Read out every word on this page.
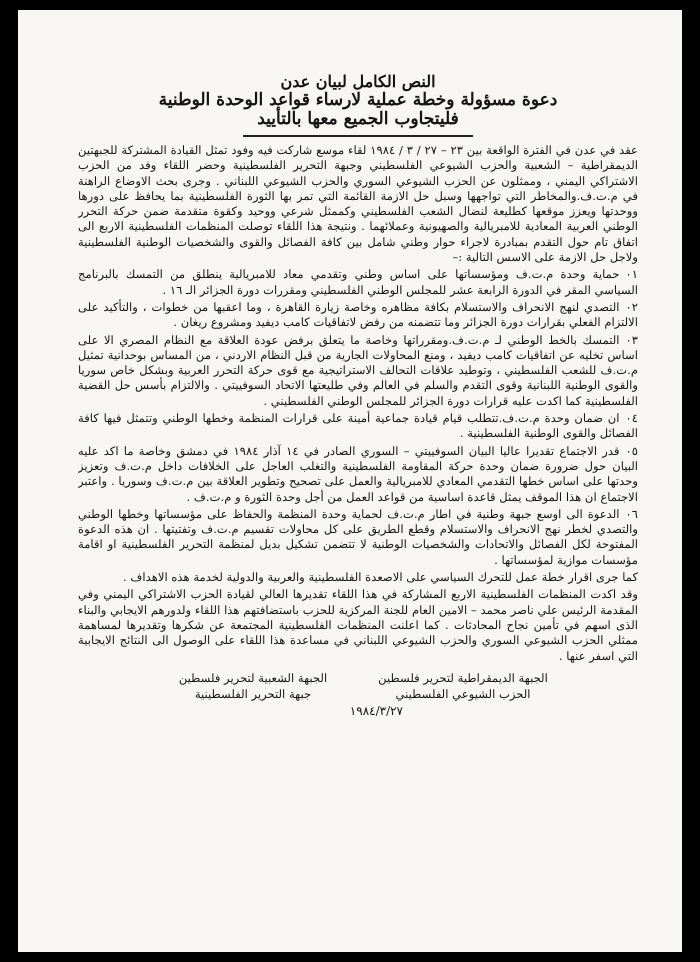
النص الكامل لبيان عدن
دعوة مسؤولة وخطة عملية لارساء قواعد الوحدة الوطنية
فليتجاوب الجميع معها بالتأييد

عقد في عدن في الفترة الواقعة بين ٢٣ – ٢٧ / ٣ / ١٩٨٤ لقاء موسع شاركت فيه وفود تمثل القيادة المشتركة للجبهتين الديمقراطية – الشعبية والحزب الشيوعي الفلسطيني وجبهة التحرير الفلسطينية وحضر اللقاء وفد من الحزب الاشتراكي اليمني ، وممثلون عن الحزب الشيوعي السوري والحزب الشيوعي اللبناني . وجرى بحث الاوضاع الراهنة في م.ت.ف.والمخاطر التي تواجهها وسبل حل الازمة القائمة التي تمر بها الثورة الفلسطينية بما يحافظ على دورها ووحدتها ويعزز موقعها كطليعة لنضال الشعب الفلسطيني وكممثل شرعي ووحيد وكقوة متقدمة ضمن حركة التحرر الوطني العربية المعادية للامبريالية والصهيونية وعملائهما . ونتيجة هذا اللقاء توصلت المنظمات الفلسطينية الاربع الى اتفاق تام حول التقدم بمبادرة لاجراء حوار وطني شامل بين كافة الفصائل والقوى والشخصيات الوطنية الفلسطينية ولاجل حل الازمة على الاسس التالية :–

٠١حماية وحدة م.ت.ف ومؤسساتها على اساس وطني وتقدمي معاد للامبريالية ينطلق من التمسك بالبرنامج السياسي المقر في الدورة الرابعة عشر للمجلس الوطني الفلسطيني ومقررات دورة الجزائر الـ ١٦ .
٠٢التصدي لنهج الانحراف والاستسلام بكافة مظاهره وخاصة زيارة القاهرة ، وما اعقبها من خطوات ، والتأكيد على الالتزام الفعلي بقرارات دورة الجزائر وما تتضمنه من رفض لاتفاقيات كامب ديفيد ومشروع ريغان .
٠٣التمسك بالخط الوطني لـ م.ت.ف.ومقرراتها وخاصة ما يتعلق برفض عودة العلاقة مع النظام المصري الا على اساس تخليه عن اتفاقيات كامب ديفيد ، ومنع المحاولات الجارية من قبل النظام الاردني ، من المساس بوحدانية تمثيل م.ت.ف للشعب الفلسطيني ، وتوطيد علاقات التحالف الاستراتيجية مع قوى حركة التحرر العربية وبشكل خاص سوريا والقوى الوطنية اللبنانية وقوى التقدم والسلم في العالم وفي طليعتها الاتحاد السوفييتي . والالتزام بأسس حل القضية الفلسطينية كما اكدت عليه قرارات دورة الجزائر للمجلس الوطني الفلسطيني .
٠٤ان ضمان وحدة م.ت.ف.تتطلب قيام قيادة جماعية أمينة على قرارات المنظمة وخطها الوطني وتتمثل فيها كافة الفصائل والقوى الوطنية الفلسطينية .
٠٥قدر الاجتماع تقديرا عاليا البيان السوفييتي – السوري الصادر في ١٤ آذار ١٩٨٤ في دمشق وخاصة ما اكد عليه البيان حول ضرورة ضمان وحدة حركة المقاومة الفلسطينية والتغلب العاجل على الخلافات داخل م.ت.ف وتعزيز وحدتها على اساس خطها التقدمي المعادي للامبريالية والعمل على تصحيح وتطوير العلاقة بين م.ت.ف وسوريا . واعتبر الاجتماع ان هذا الموقف يمثل قاعدة اساسية من قواعد العمل من أجل وحدة الثورة و م.ت.ف .
٠٦الدعوة الى اوسع جبهة وطنية في اطار م.ت.ف لحماية وحدة المنظمة والحفاظ على مؤسساتها وخطها الوطني والتصدي لخطر نهج الانحراف والاستسلام وقطع الطريق على كل محاولات تقسيم م.ت.ف وتفتيتها . ان هذه الدعوة المفتوحة لكل الفصائل والاتحادات والشخصيات الوطنية لا تتضمن تشكيل بديل لمنظمة التحرير الفلسطينية او اقامة مؤسسات موازية لمؤسساتها .

كما جرى اقرار خطة عمل للتحرك السياسي على الاصعدة الفلسطينية والعربية والدولية لخدمة هذه الاهداف .

وقد اكدت المنظمات الفلسطينية الاربع المشاركة في هذا اللقاء تقديرها العالي لقيادة الحزب الاشتراكي اليمني وفي المقدمة الرئيس علي ناصر محمد – الامين العام للجنة المركزية للحزب باستضافتهم هذا اللقاء ولدورهم الايجابي والبناء الذى اسهم في تأمين نجاح المحادثات . كما اعلنت المنظمات الفلسطينية المجتمعة عن شكرها وتقديرها لمساهمة ممثلي الحزب الشيوعي السوري والحزب الشيوعي اللبناني في مساعدة هذا اللقاء على الوصول الى النتائج الايجابية التي اسفر عنها .

الجبهة الديمقراطية لتحرير فلسطين
الجبهة الشعبية لتحرير فلسطين
الحزب الشيوعي الفلسطيني
جبهة التحرير الفلسطينية
١٩٨٤/٣/٢٧
